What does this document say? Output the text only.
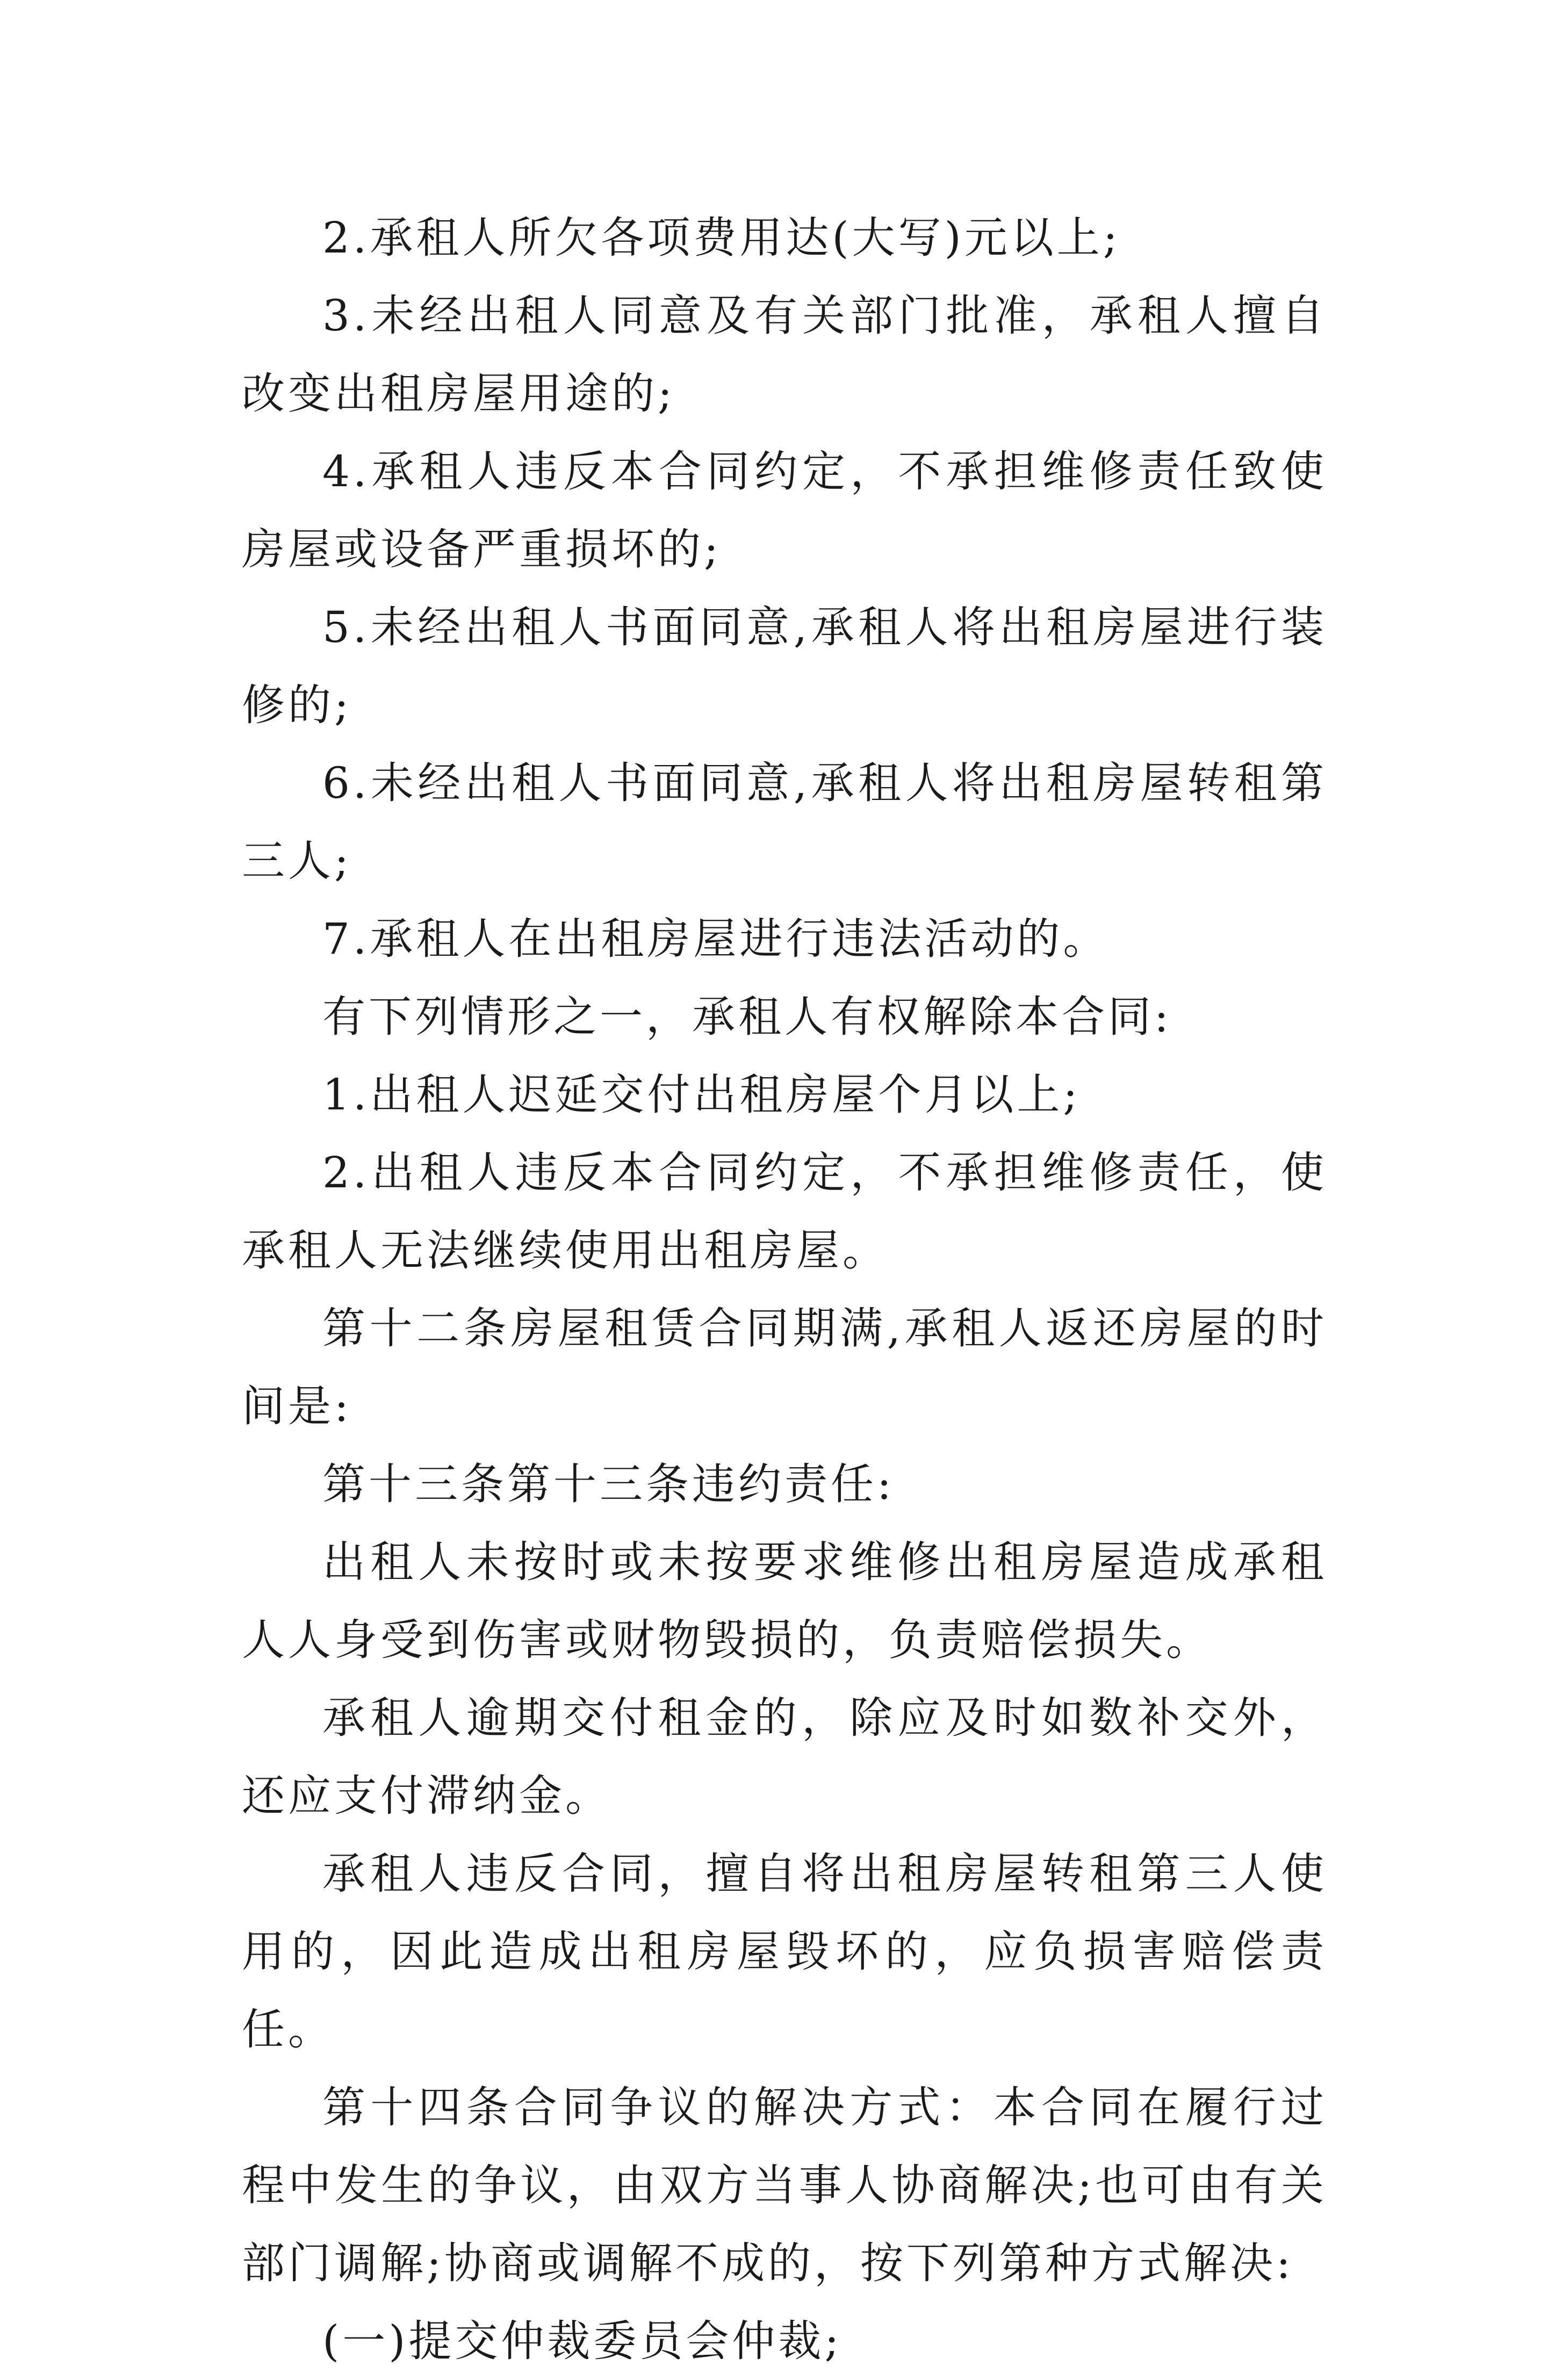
2.承租人所欠各项费用达(大写)元以上;

3.未经出租人同意及有关部门批准，承租人擅自改变出租房屋用途的;

4.承租人违反本合同约定，不承担维修责任致使房屋或设备严重损坏的;

5.未经出租人书面同意,承租人将出租房屋进行装修的;

6.未经出租人书面同意,承租人将出租房屋转租第三人;

7.承租人在出租房屋进行违法活动的。

有下列情形之一，承租人有权解除本合同:

1.出租人迟延交付出租房屋个月以上;

2.出租人违反本合同约定，不承担维修责任，使承租人无法继续使用出租房屋。

第十二条房屋租赁合同期满,承租人返还房屋的时间是:

第十三条第十三条违约责任:

出租人未按时或未按要求维修出租房屋造成承租人人身受到伤害或财物毁损的，负责赔偿损失。

承租人逾期交付租金的，除应及时如数补交外，还应支付滞纳金。

承租人违反合同，擅自将出租房屋转租第三人使用的，因此造成出租房屋毁坏的，应负损害赔偿责任。

第十四条合同争议的解决方式：本合同在履行过程中发生的争议，由双方当事人协商解决;也可由有关部门调解;协商或调解不成的，按下列第种方式解决:

(一)提交仲裁委员会仲裁;
